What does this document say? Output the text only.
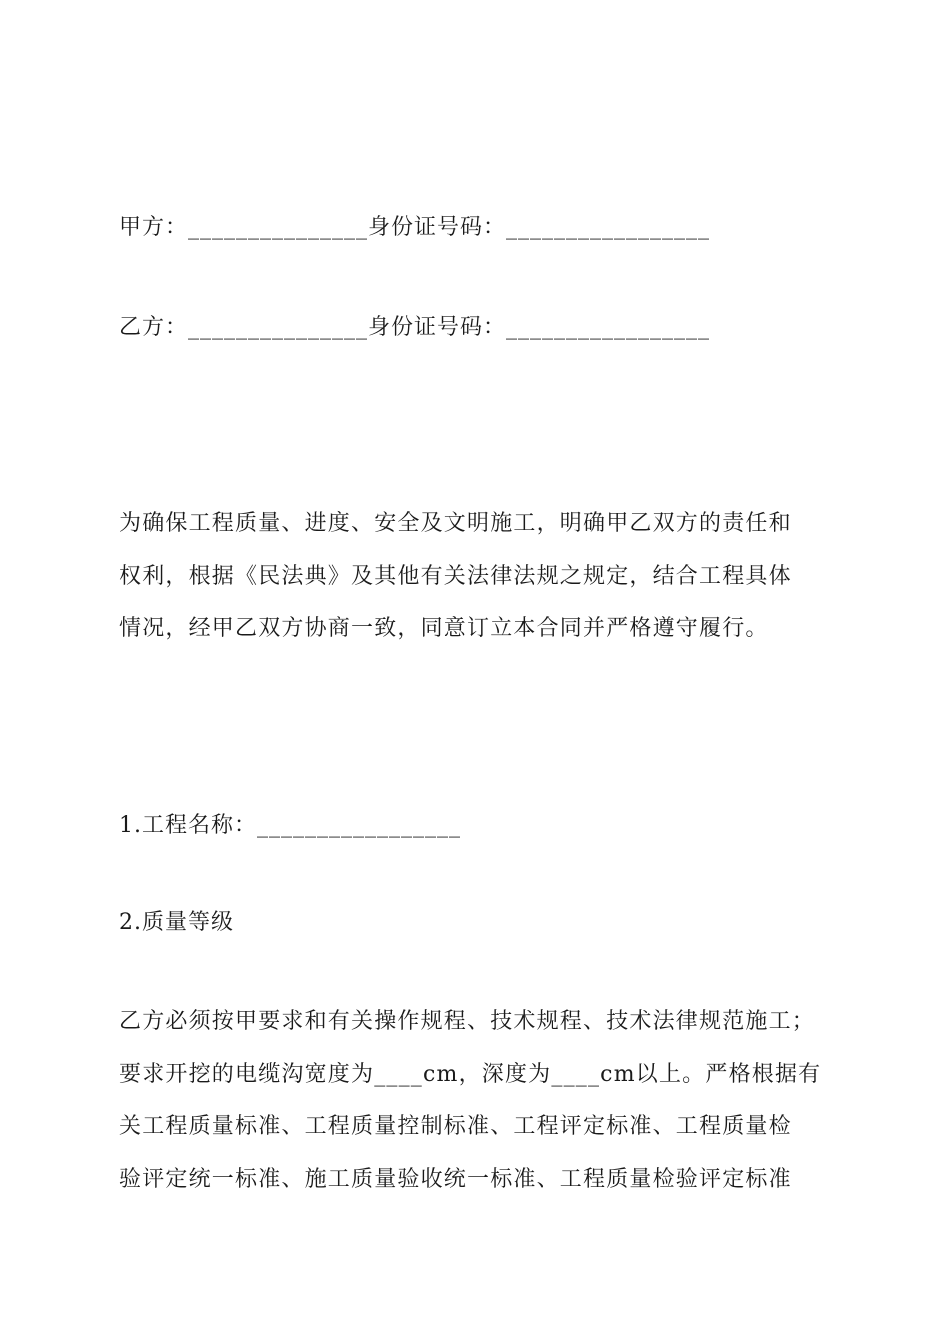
甲方：_______________身份证号码：_________________
乙方：_______________身份证号码：_________________

为确保工程质量、进度、安全及文明施工，明确甲乙双方的责任和

权利，根据《民法典》及其他有关法律法规之规定，结合工程具体

情况，经甲乙双方协商一致，同意订立本合同并严格遵守履行。

1.工程名称：_________________
2.质量等级

乙方必须按甲要求和有关操作规程、技术规程、技术法律规范施工；

要求开挖的电缆沟宽度为____cm，深度为____cm以上。严格根据有

关工程质量标准、工程质量控制标准、工程评定标准、工程质量检

验评定统一标准、施工质量验收统一标准、工程质量检验评定标准
